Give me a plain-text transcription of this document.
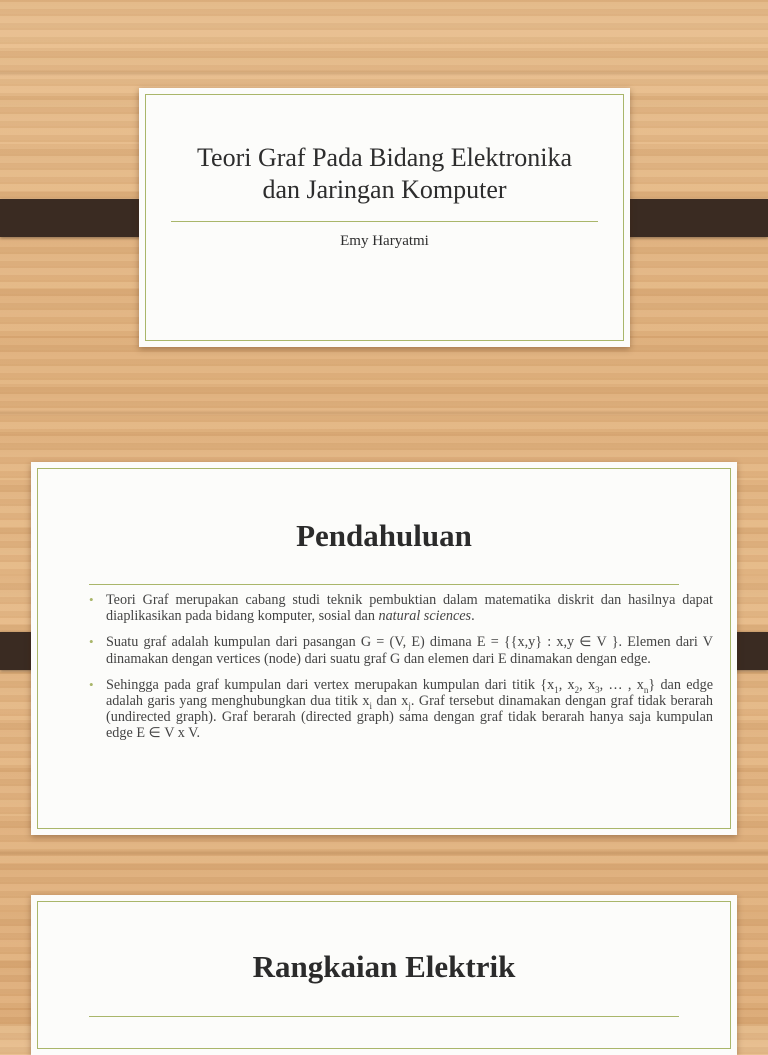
Teori Graf Pada Bidang Elektronika
dan Jaringan Komputer
Emy Haryatmi
Pendahuluan
• Teori Graf merupakan cabang studi teknik pembuktian dalam matematika diskrit dan hasilnya dapat diaplikasikan pada bidang komputer, sosial dan natural sciences.
• Suatu graf adalah kumpulan dari pasangan G = (V, E) dimana E = {{x,y} : x,y ∈ V }. Elemen dari V dinamakan dengan vertices (node) dari suatu graf G dan elemen dari E dinamakan dengan edge.
• Sehingga pada graf kumpulan dari vertex merupakan kumpulan dari titik {$x_1$, $x_2$, $x_3$, … , $x_n$} dan edge adalah garis yang menghubungkan dua titik $x_i$ dan $x_j$. Graf tersebut dinamakan dengan graf tidak berarah (undirected graph). Graf berarah (directed graph) sama dengan graf tidak berarah hanya saja kumpulan edge E ∈ V x V.
Rangkaian Elektrik
